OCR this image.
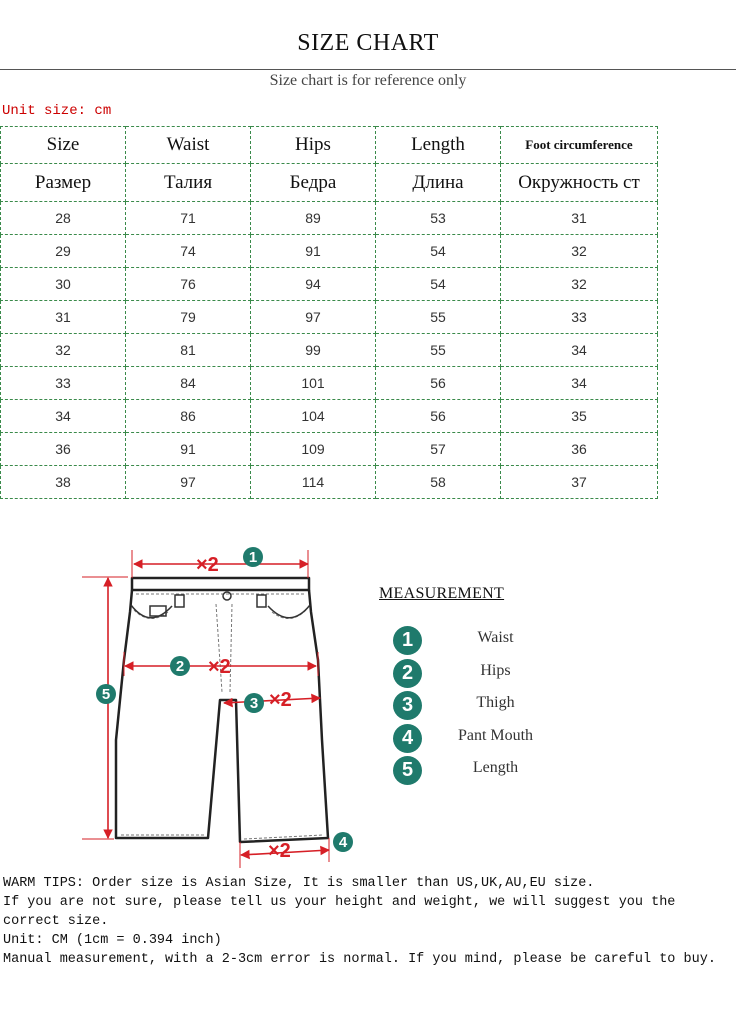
SIZE CHART
Size chart is for reference only
Unit size: cm
Size	Waist	Hips	Length	Foot circumference
Размер	Талия	Бедра	Длина	Окружность ст
28	71	89	53	31
29	74	91	54	32
30	76	94	54	32
31	79	97	55	33
32	81	99	55	34
33	84	101	56	34
34	86	104	56	35
36	91	109	57	36
38	97	114	58	37
×2
×2
×2
×2
1
2
3
4
5
MEASUREMENT
1	Waist
2	Hips
3	Thigh
4	Pant Mouth
5	Length
WARM TIPS: Order size is Asian Size, It is smaller than US,UK,AU,EU size.
If you are not sure, please tell us your height and weight, we will suggest you the correct size.
Unit: CM (1cm = 0.394 inch)
Manual measurement, with a 2-3cm error is normal. If you mind, please be careful to buy.
